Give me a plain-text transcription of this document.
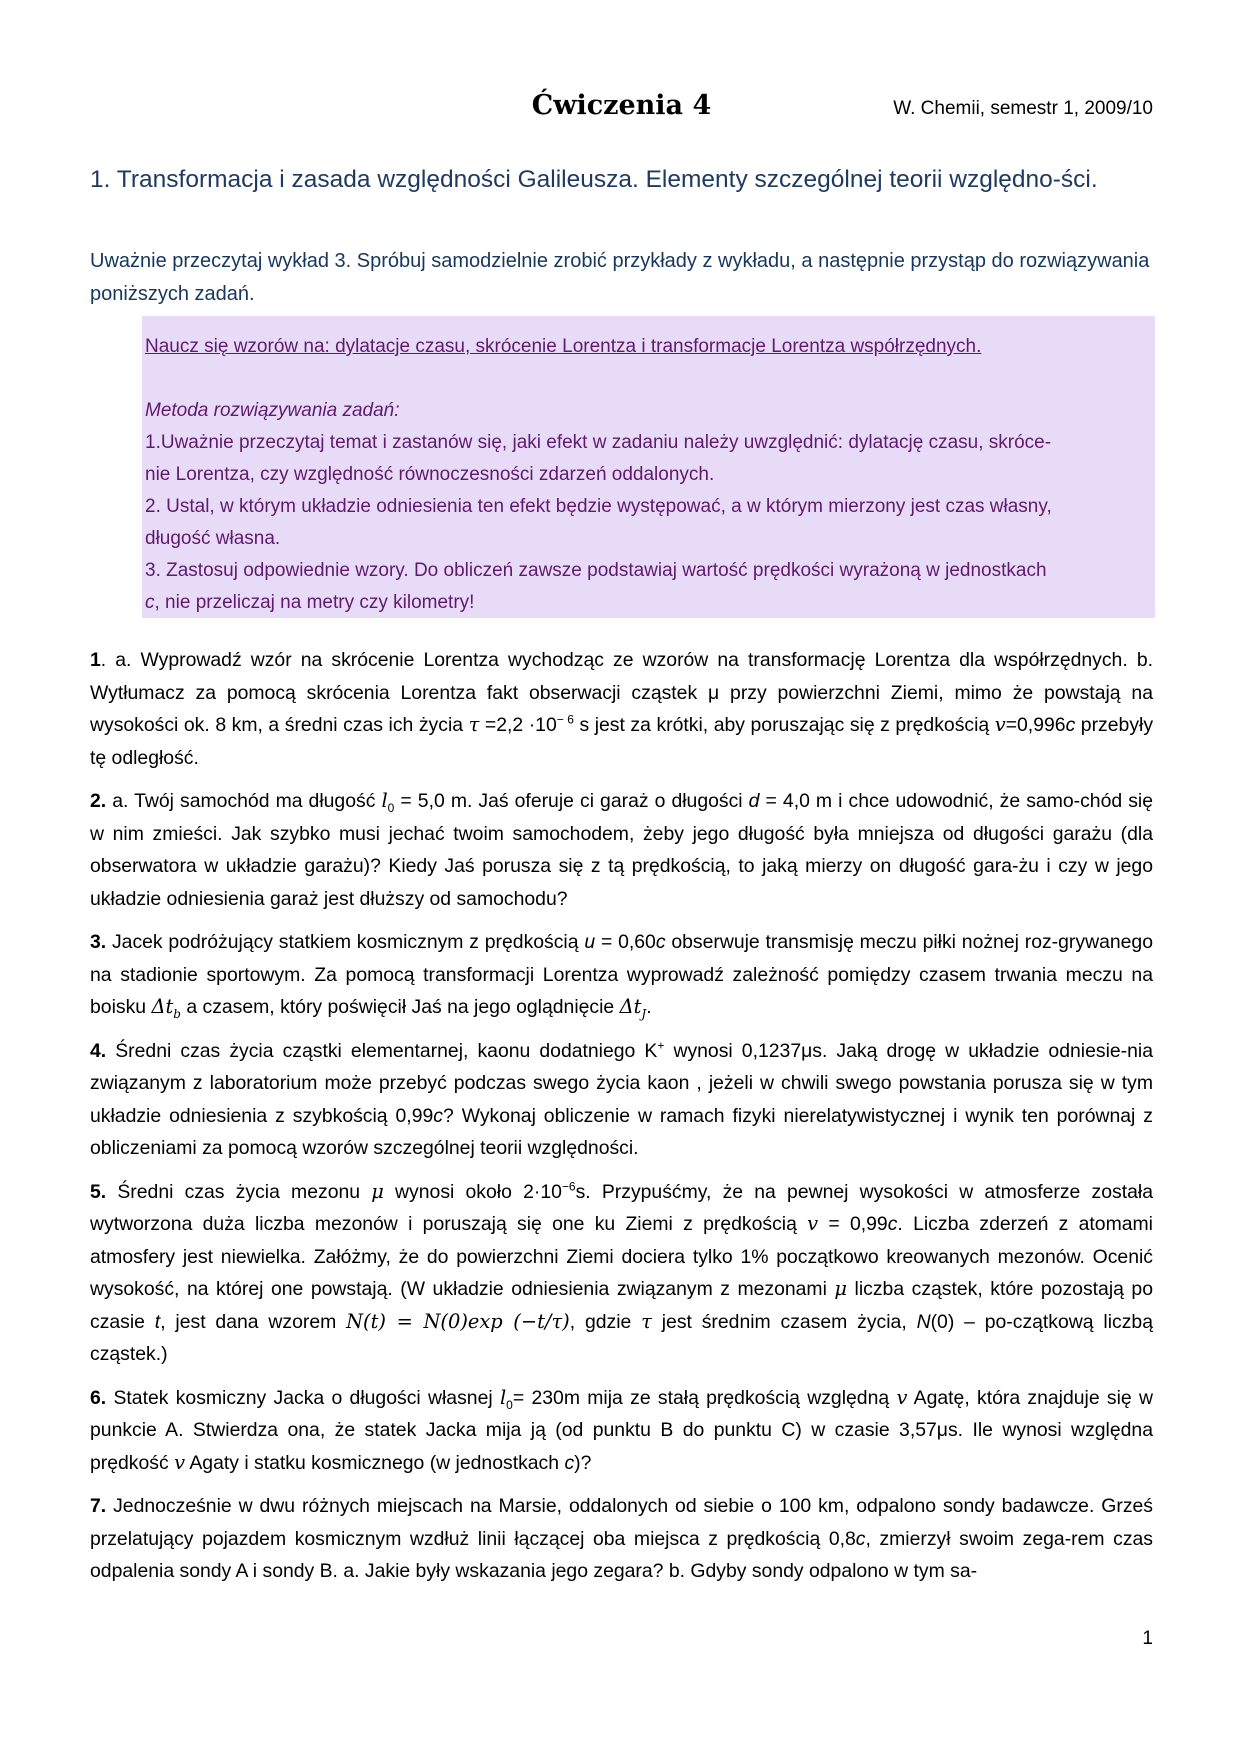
Ćwiczenia 4	W. Chemii, semestr 1, 2009/10
1. Transformacja i zasada względności Galileusza. Elementy szczególnej teorii względno-ści.
Uważnie przeczytaj wykład 3. Spróbuj samodzielnie zrobić przykłady z wykładu, a następnie przystąp do rozwiązywania poniższych zadań.
Naucz się wzorów na: dylatacje czasu, skrócenie Lorentza i transformacje Lorentza współrzędnych.
Metoda rozwiązywania zadań:
1.Uważnie przeczytaj temat i zastanów się, jaki efekt w zadaniu należy uwzględnić: dylatację czasu, skróce-
nie Lorentza, czy względność równoczesności zdarzeń oddalonych.
2. Ustal, w którym układzie odniesienia ten efekt będzie występować, a w którym mierzony jest czas własny,
długość własna.
3. Zastosuj odpowiednie wzory. Do obliczeń zawsze podstawiaj wartość prędkości wyrażoną w jednostkach
c, nie przeliczaj na metry czy kilometry!
1. a. Wyprowadź wzór na skrócenie Lorentza wychodząc ze wzorów na transformację Lorentza dla współrzędnych. b. Wytłumacz za pomocą skrócenia Lorentza fakt obserwacji cząstek μ przy powierzchni Ziemi, mimo że powstają na wysokości ok. 8 km, a średni czas ich życia $\tau =2,2 \cdot 10^{- 6}$ s jest za krótki, aby poruszając się z prędkością v=0,996c przebyły tę odległość.
2. a. Twój samochód ma długość $l_0 = 5,0$ m. Jaś oferuje ci garaż o długości d = 4,0 m i chce udowodnić, że samo-chód się w nim zmieści. Jak szybko musi jechać twoim samochodem, żeby jego długość była mniejsza od długości garażu (dla obserwatora w układzie garażu)? Kiedy Jaś porusza się z tą prędkością, to jaką mierzy on długość gara-żu i czy w jego układzie odniesienia garaż jest dłuższy od samochodu?
3. Jacek podróżujący statkiem kosmicznym z prędkością u = 0,60c obserwuje transmisję meczu piłki nożnej roz-grywanego na stadionie sportowym. Za pomocą transformacji Lorentza wyprowadź zależność pomiędzy czasem trwania meczu na boisku $\Delta t_b$ a czasem, który poświęcił Jaś na jego oglądnięcie $\Delta t_J$.
4. Średni czas życia cząstki elementarnej, kaonu dodatniego K+ wynosi 0,1237μs. Jaką drogę w układzie odniesie-nia związanym z laboratorium może przebyć podczas swego życia kaon , jeżeli w chwili swego powstania porusza się w tym układzie odniesienia z szybkością 0,99c? Wykonaj obliczenie w ramach fizyki nierelatywistycznej i wynik ten porównaj z obliczeniami za pomocą wzorów szczególnej teorii względności.
5. Średni czas życia mezonu μ wynosi około $2\cdot 10^{-6}s$. Przypuśćmy, że na pewnej wysokości w atmosferze została wytworzona duża liczba mezonów i poruszają się one ku Ziemi z prędkością v = 0,99c. Liczba zderzeń z atomami atmosfery jest niewielka. Załóżmy, że do powierzchni Ziemi dociera tylko 1% początkowo kreowanych mezonów. Ocenić wysokość, na której one powstają. (W układzie odniesienia związanym z mezonami μ liczba cząstek, które pozostają po czasie t, jest dana wzorem N(t) = N(0)exp (−t/τ), gdzie τ jest średnim czasem życia, N(0) – po-czątkową liczbą cząstek.)
6. Statek kosmiczny Jacka o długości własnej $l_0= 230m$ mija ze stałą prędkością względną v Agatę, która znajduje się w punkcie A. Stwierdza ona, że statek Jacka mija ją (od punktu B do punktu C) w czasie 3,57μs. Ile wynosi względna prędkość v Agaty i statku kosmicznego (w jednostkach c)?
7. Jednocześnie w dwu różnych miejscach na Marsie, oddalonych od siebie o 100 km, odpalono sondy badawcze. Grześ przelatujący pojazdem kosmicznym wzdłuż linii łączącej oba miejsca z prędkością 0,8c, zmierzył swoim zega-rem czas odpalenia sondy A i sondy B. a. Jakie były wskazania jego zegara? b. Gdyby sondy odpalono w tym sa-
1
